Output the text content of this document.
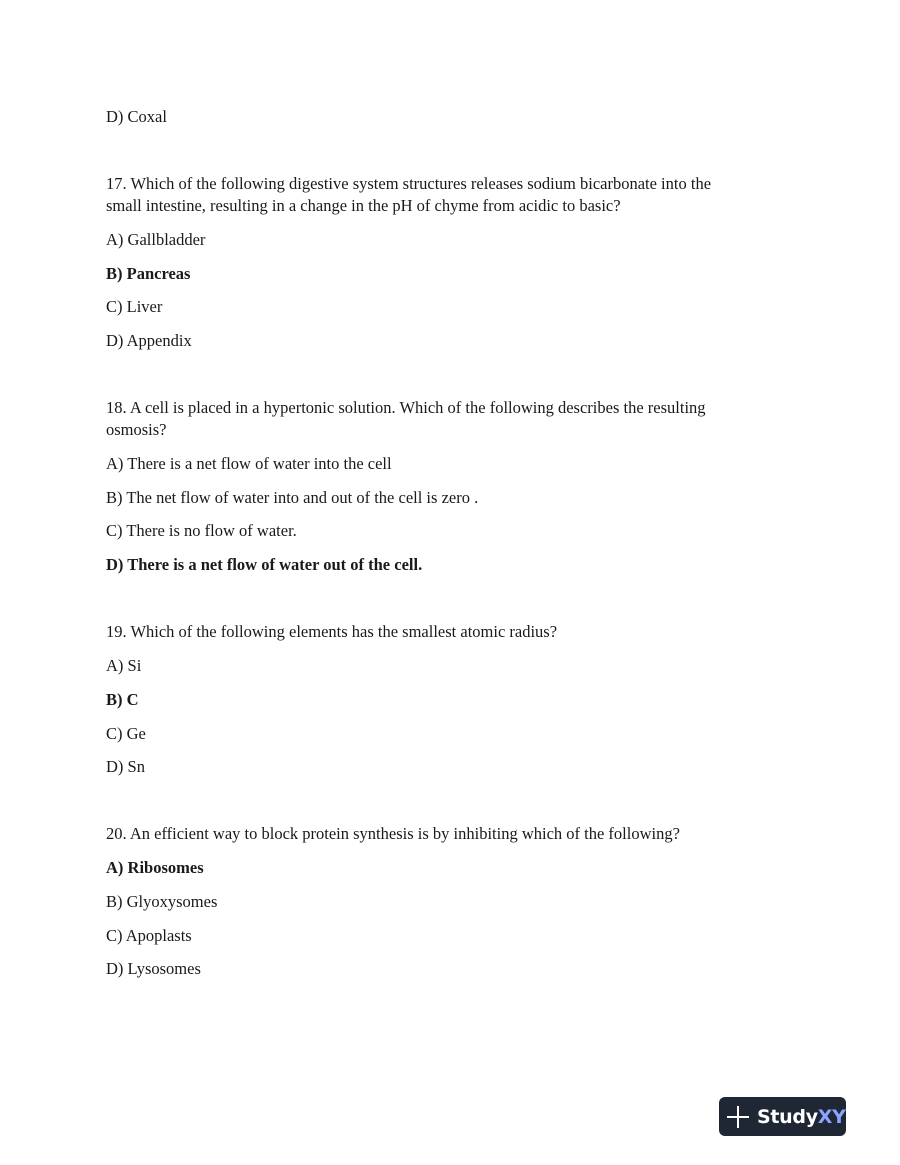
D) Coxal
17. Which of the following digestive system structures releases sodium bicarbonate into the
small intestine, resulting in a change in the pH of chyme from acidic to basic?
A) Gallbladder
B) Pancreas
C) Liver
D) Appendix
18. A cell is placed in a hypertonic solution. Which of the following describes the resulting
osmosis?
A) There is a net flow of water into the cell
B) The net flow of water into and out of the cell is zero .
C) There is no flow of water.
D) There is a net flow of water out of the cell.
19. Which of the following elements has the smallest atomic radius?
A) Si
B) C
C) Ge
D) Sn
20. An efficient way to block protein synthesis is by inhibiting which of the following?
A) Ribosomes
B) Glyoxysomes
C) Apoplasts
D) Lysosomes
StudyXY
